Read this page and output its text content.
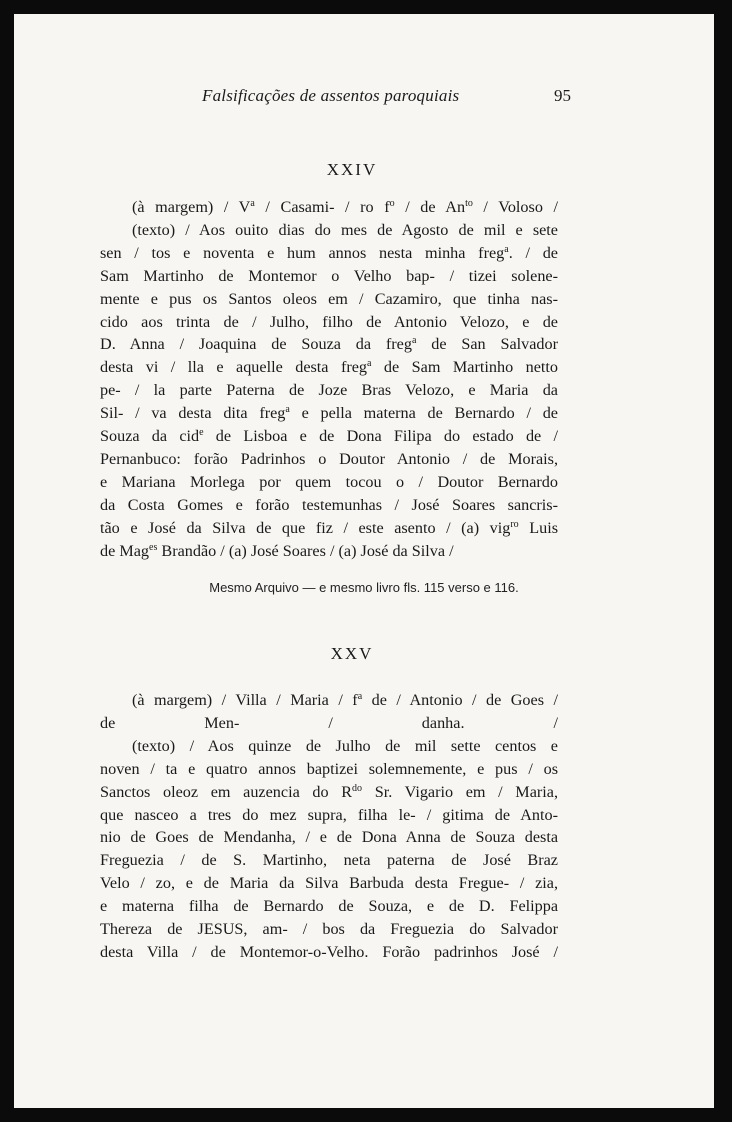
Falsificações de assentos paroquiais	95
XXIV
(à margem) / $V^a$ / Casami- / ro $f^o$ / de $An^{to}$ / Voloso /
(texto) / Aos ouito dias do mes de Agosto de mil e sete
sen / tos e noventa e hum annos nesta minha freg$^a$. / de
Sam Martinho de Montemor o Velho bap- / tizei solene-
mente e pus os Santos oleos em / Cazamiro, que tinha nas-
cido aos trinta de / Julho, filho de Antonio Velozo, e de
D. Anna / Joaquina de Souza da freg$^a$ de San Salvador
desta vi / lla e aquelle desta freg$^a$ de Sam Martinho netto
pe- / la parte Paterna de Joze Bras Velozo, e Maria da
Sil- / va desta dita freg$^a$ e pella materna de Bernardo / de
Souza da cid$^e$ de Lisboa e de Dona Filipa do estado de /
Pernanbuco: forão Padrinhos o Doutor Antonio / de Morais,
e Mariana Morlega por quem tocou o / Doutor Bernardo
da Costa Gomes e forão testemunhas / José Soares sancris-
tão e José da Silva de que fiz / este asento / (a) vig$^{ro}$ Luis
de Mag$^{es}$ Brandão / (a) José Soares / (a) José da Silva /
Mesmo Arquivo — e mesmo livro fls. 115 verso e 116.
XXV
(à margem) / Villa / Maria / $f^a$ de / Antonio / de Goes /
de Men- / danha. /
(texto) / Aos quinze de Julho de mil sette centos e
noven / ta e quatro annos baptizei solemnemente, e pus / os
Sanctos oleoz em auzencia do $R^{do}$ Sr. Vigario em / Maria,
que nasceo a tres do mez supra, filha le- / gitima de Anto-
nio de Goes de Mendanha, / e de Dona Anna de Souza desta
Freguezia / de S. Martinho, neta paterna de José Braz
Velo / zo, e de Maria da Silva Barbuda desta Fregue- / zia,
e materna filha de Bernardo de Souza, e de D. Felippa
Thereza de JESUS, am- / bos da Freguezia do Salvador
desta Villa / de Montemor-o-Velho. Forão padrinhos José /
